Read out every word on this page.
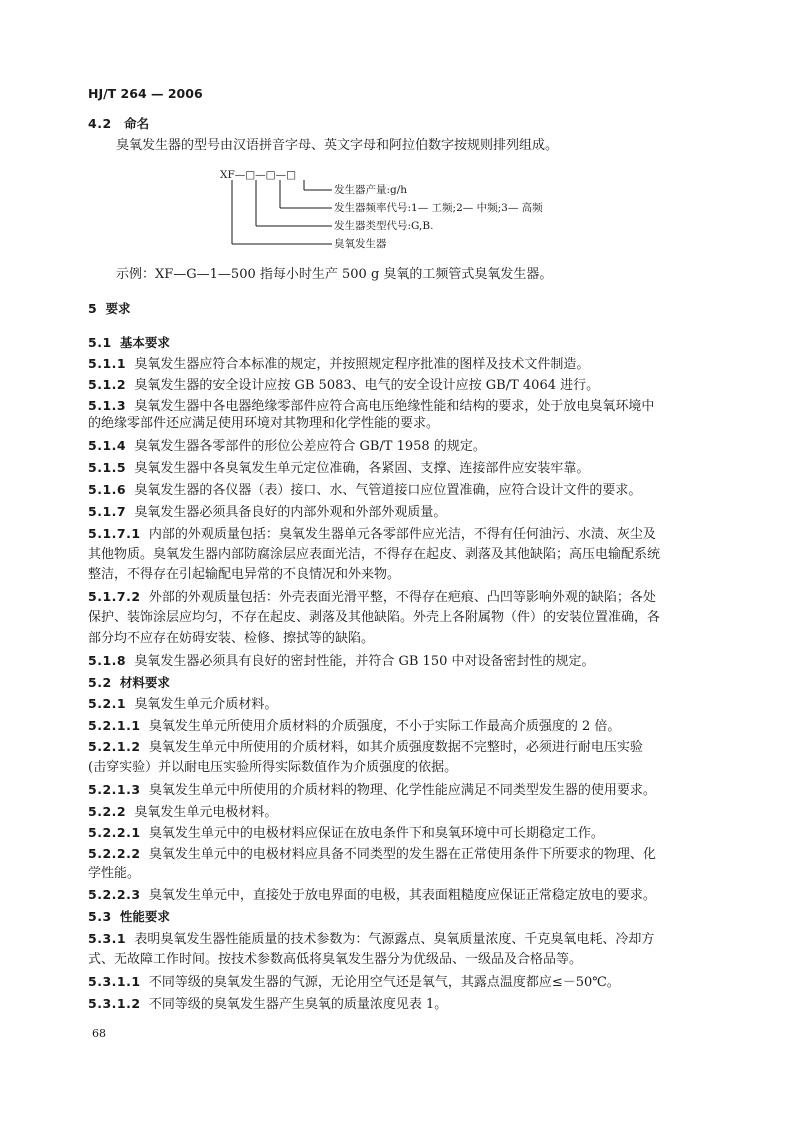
HJ/T 264 — 2006
4.2 命名
臭氧发生器的型号由汉语拼音字母、英文字母和阿拉伯数字按规则排列组成。
XF—□—□—□
发生器产量:g/h
发生器频率代号:1— 工频;2— 中频;3— 高频
发生器类型代号:G,B.
臭氧发生器
示例：XF—G—1—500 指每小时生产 500 g 臭氧的工频管式臭氧发生器。
5 要求
5.1 基本要求
5.1.1 臭氧发生器应符合本标准的规定，并按照规定程序批准的图样及技术文件制造。
5.1.2 臭氧发生器的安全设计应按 GB 5083、电气的安全设计应按 GB/T 4064 进行。
5.1.3 臭氧发生器中各电器绝缘零部件应符合高电压绝缘性能和结构的要求，处于放电臭氧环境中
的绝缘零部件还应满足使用环境对其物理和化学性能的要求。
5.1.4 臭氧发生器各零部件的形位公差应符合 GB/T 1958 的规定。
5.1.5 臭氧发生器中各臭氧发生单元定位准确，各紧固、支撑、连接部件应安装牢靠。
5.1.6 臭氧发生器的各仪器（表）接口、水、气管道接口应位置准确，应符合设计文件的要求。
5.1.7 臭氧发生器必须具备良好的内部外观和外部外观质量。
5.1.7.1 内部的外观质量包括：臭氧发生器单元各零部件应光洁，不得有任何油污、水渍、灰尘及
其他物质。臭氧发生器内部防腐涂层应表面光洁，不得存在起皮、剥落及其他缺陷；高压电输配系统
整洁，不得存在引起输配电异常的不良情况和外来物。
5.1.7.2 外部的外观质量包括：外壳表面光滑平整，不得存在疤痕、凸凹等影响外观的缺陷；各处
保护、装饰涂层应均匀，不存在起皮、剥落及其他缺陷。外壳上各附属物（件）的安装位置准确，各
部分均不应存在妨碍安装、检修、擦拭等的缺陷。
5.1.8 臭氧发生器必须具有良好的密封性能，并符合 GB 150 中对设备密封性的规定。
5.2 材料要求
5.2.1 臭氧发生单元介质材料。
5.2.1.1 臭氧发生单元所使用介质材料的介质强度，不小于实际工作最高介质强度的 2 倍。
5.2.1.2 臭氧发生单元中所使用的介质材料，如其介质强度数据不完整时，必须进行耐电压实验
(击穿实验）并以耐电压实验所得实际数值作为介质强度的依据。
5.2.1.3 臭氧发生单元中所使用的介质材料的物理、化学性能应满足不同类型发生器的使用要求。
5.2.2 臭氧发生单元电极材料。
5.2.2.1 臭氧发生单元中的电极材料应保证在放电条件下和臭氧环境中可长期稳定工作。
5.2.2.2 臭氧发生单元中的电极材料应具备不同类型的发生器在正常使用条件下所要求的物理、化
学性能。
5.2.2.3 臭氧发生单元中，直接处于放电界面的电极，其表面粗糙度应保证正常稳定放电的要求。
5.3 性能要求
5.3.1 表明臭氧发生器性能质量的技术参数为：气源露点、臭氧质量浓度、千克臭氧电耗、冷却方
式、无故障工作时间。按技术参数高低将臭氧发生器分为优级品、一级品及合格品等。
5.3.1.1 不同等级的臭氧发生器的气源，无论用空气还是氧气，其露点温度都应≤－50℃。
5.3.1.2 不同等级的臭氧发生器产生臭氧的质量浓度见表 1。
68
